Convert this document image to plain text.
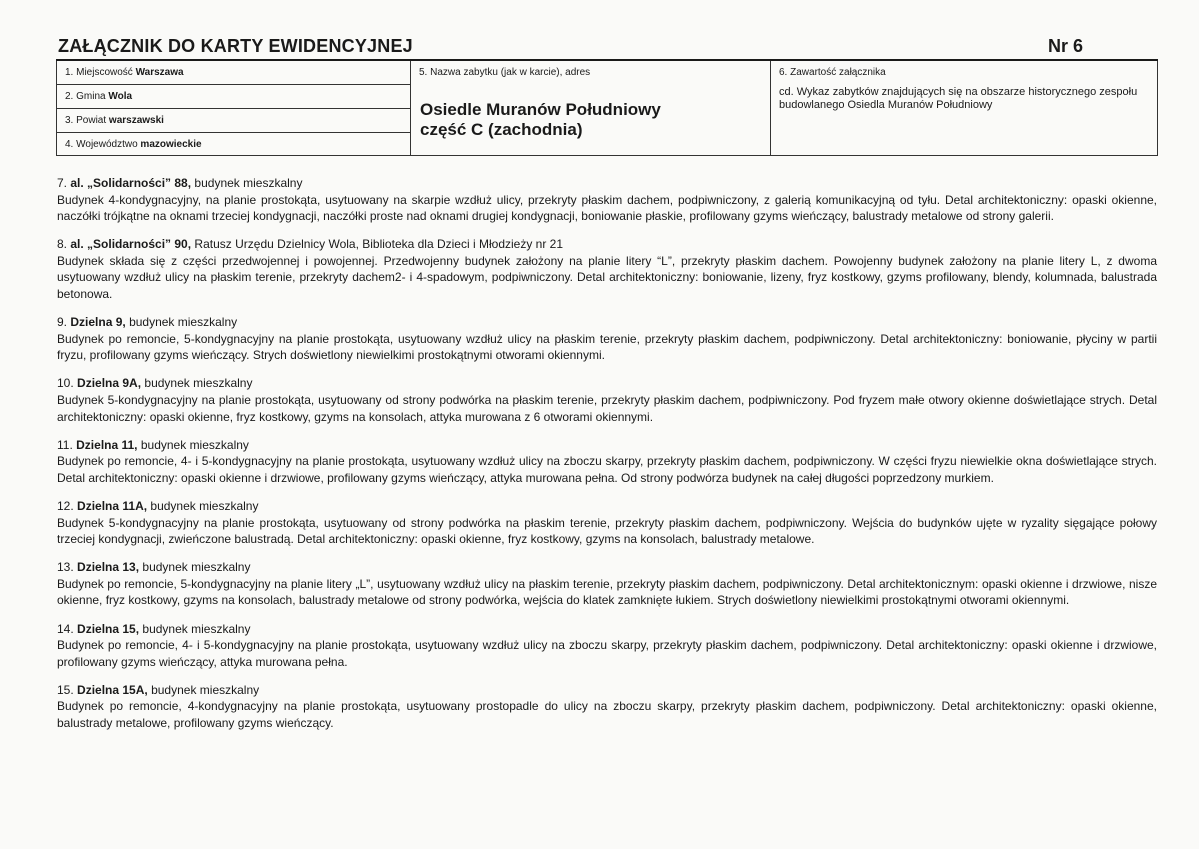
ZAŁĄCZNIK DO KARTY EWIDENCYJNEJ	Nr 6
1. Miejscowość Warszawa
2. Gmina Wola
3. Powiat warszawski
4. Województwo mazowieckie
5. Nazwa zabytku (jak w karcie), adres
Osiedle Muranów Południowy
część C (zachodnia)
6. Zawartość załącznika
cd. Wykaz zabytków znajdujących się na obszarze historycznego zespołu budowlanego Osiedla Muranów Południowy
7. al. „Solidarności” 88, budynek mieszkalny
Budynek 4-kondygnacyjny, na planie prostokąta, usytuowany na skarpie wzdłuż ulicy, przekryty płaskim dachem, podpiwniczony, z galerią komunikacyjną od tyłu. Detal architektoniczny: opaski okienne, naczółki trójkątne na oknami trzeciej kondygnacji, naczółki proste nad oknami drugiej kondygnacji, boniowanie płaskie, profilowany gzyms wieńczący, balustrady metalowe od strony galerii.
8. al. „Solidarności” 90, Ratusz Urzędu Dzielnicy Wola, Biblioteka dla Dzieci i Młodzieży nr 21
Budynek składa się z części przedwojennej i powojennej. Przedwojenny budynek założony na planie litery “L”, przekryty płaskim dachem. Powojenny budynek założony na planie litery L, z dwoma usytuowany wzdłuż ulicy na płaskim terenie, przekryty dachem2- i 4-spadowym, podpiwniczony. Detal architektoniczny: boniowanie, lizeny, fryz kostkowy, gzyms profilowany, blendy, kolumnada, balustrada betonowa.
9. Dzielna 9, budynek mieszkalny
Budynek po remoncie, 5-kondygnacyjny na planie prostokąta, usytuowany wzdłuż ulicy na płaskim terenie, przekryty płaskim dachem, podpiwniczony. Detal architektoniczny: boniowanie, płyciny w partii fryzu, profilowany gzyms wieńczący. Strych doświetlony niewielkimi prostokątnymi otworami okiennymi.
10. Dzielna 9A, budynek mieszkalny
Budynek 5-kondygnacyjny na planie prostokąta, usytuowany od strony podwórka na płaskim terenie, przekryty płaskim dachem, podpiwniczony. Pod fryzem małe otwory okienne doświetlające strych. Detal architektoniczny: opaski okienne, fryz kostkowy, gzyms na konsolach, attyka murowana z 6 otworami okiennymi.
11. Dzielna 11, budynek mieszkalny
Budynek po remoncie, 4- i 5-kondygnacyjny na planie prostokąta, usytuowany wzdłuż ulicy na zboczu skarpy, przekryty płaskim dachem, podpiwniczony. W części fryzu niewielkie okna doświetlające strych. Detal architektoniczny: opaski okienne i drzwiowe, profilowany gzyms wieńczący, attyka murowana pełna. Od strony podwórza budynek na całej długości poprzedzony murkiem.
12. Dzielna 11A, budynek mieszkalny
Budynek 5-kondygnacyjny na planie prostokąta, usytuowany od strony podwórka na płaskim terenie, przekryty płaskim dachem, podpiwniczony. Wejścia do budynków ujęte w ryzality sięgające połowy trzeciej kondygnacji, zwieńczone balustradą. Detal architektoniczny: opaski okienne, fryz kostkowy, gzyms na konsolach, balustrady metalowe.
13. Dzielna 13, budynek mieszkalny
Budynek po remoncie, 5-kondygnacyjny na planie litery „L”, usytuowany wzdłuż ulicy na płaskim terenie, przekryty płaskim dachem, podpiwniczony. Detal architektonicznym: opaski okienne i drzwiowe, nisze okienne, fryz kostkowy, gzyms na konsolach, balustrady metalowe od strony podwórka, wejścia do klatek zamknięte łukiem. Strych doświetlony niewielkimi prostokątnymi otworami okiennymi.
14. Dzielna 15, budynek mieszkalny
Budynek po remoncie, 4- i 5-kondygnacyjny na planie prostokąta, usytuowany wzdłuż ulicy na zboczu skarpy, przekryty płaskim dachem, podpiwniczony. Detal architektoniczny: opaski okienne i drzwiowe, profilowany gzyms wieńczący, attyka murowana pełna.
15. Dzielna 15A, budynek mieszkalny
Budynek po remoncie, 4-kondygnacyjny na planie prostokąta, usytuowany prostopadle do ulicy na zboczu skarpy, przekryty płaskim dachem, podpiwniczony. Detal architektoniczny: opaski okienne, balustrady metalowe, profilowany gzyms wieńczący.
